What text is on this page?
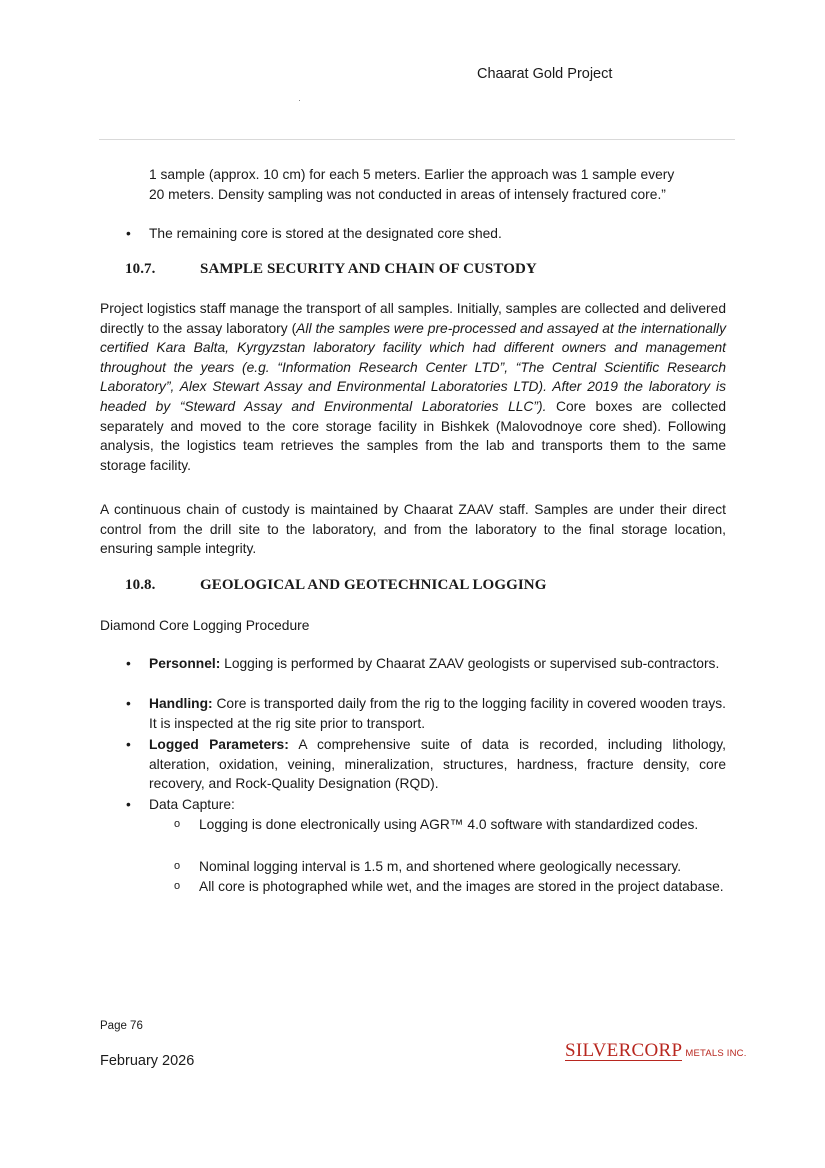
Chaarat Gold Project
1 sample (approx. 10 cm) for each 5 meters. Earlier the approach was 1 sample every
20 meters. Density sampling was not conducted in areas of intensely fractured core.”
• The remaining core is stored at the designated core shed.
10.7.	SAMPLE SECURITY AND CHAIN OF CUSTODY

Project logistics staff manage the transport of all samples. Initially, samples are collected and delivered directly to the assay laboratory (All the samples were pre-processed and assayed at the internationally certified Kara Balta, Kyrgyzstan laboratory facility which had different owners and management throughout the years (e.g. “Information Research Center LTD”, “The Central Scientific Research Laboratory”, Alex Stewart Assay and Environmental Laboratories LTD). After 2019 the laboratory is headed by “Steward Assay and Environmental Laboratories LLC”). Core boxes are collected separately and moved to the core storage facility in Bishkek (Malovodnoye core shed). Following analysis, the logistics team retrieves the samples from the lab and transports them to the same storage facility.

A continuous chain of custody is maintained by Chaarat ZAAV staff. Samples are under their direct control from the drill site to the laboratory, and from the laboratory to the final storage location, ensuring sample integrity.

10.8.	GEOLOGICAL AND GEOTECHNICAL LOGGING
Diamond Core Logging Procedure
• Personnel: Logging is performed by Chaarat ZAAV geologists or supervised sub-contractors.
• Handling: Core is transported daily from the rig to the logging facility in covered wooden trays. It is inspected at the rig site prior to transport.
• Logged Parameters: A comprehensive suite of data is recorded, including lithology, alteration, oxidation, veining, mineralization, structures, hardness, fracture density, core recovery, and Rock-Quality Designation (RQD).
• Data Capture:
o Logging is done electronically using AGR™ 4.0 software with standardized codes.
o Nominal logging interval is 1.5 m, and shortened where geologically necessary.
o All core is photographed while wet, and the images are stored in the project database.
Page 76
February 2026	SILVERCORP METALS INC.
